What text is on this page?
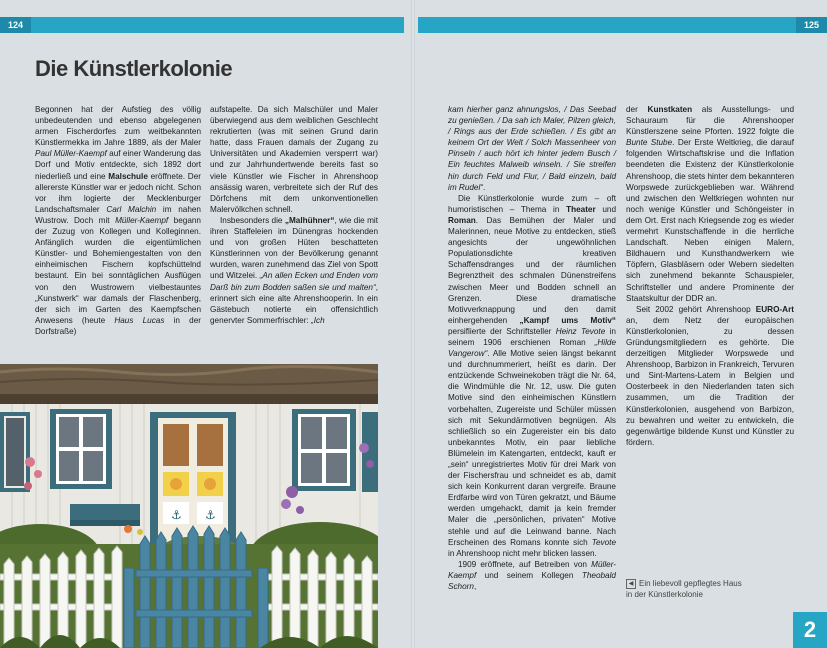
124	125
Die Künstlerkolonie

Begonnen hat der Aufstieg des völlig unbedeutenden und ebenso abgelegenen armen Fischerdorfes zum weitbekannten Künstlermekka im Jahre 1889, als der Maler Paul Müller-Kaempf auf einer Wanderung das Dorf und Motiv entdeckte, sich 1892 dort niederließ und eine Malschule eröffnete. Der allererste Künstler war er jedoch nicht. Schon vor ihm logierte der Mecklenburger Landschaftsmaler Carl Malchin im nahen Wustrow. Doch mit Müller-Kaempf begann der Zuzug von Kollegen und Kolleginnen. Anfänglich wurden die eigentümlichen Künstler- und Bohemiengestalten von den einheimischen Fischern kopfschüttelnd bestaunt. Ein bei sonntäglichen Ausflügen von den Wustrowern vielbestauntes „Kunstwerk“ war damals der Flaschenberg, der sich im Garten des Kaempfschen Anwesens (heute Haus Lucas in der Dorfstraße)

aufstapelte. Da sich Malschüler und Maler überwiegend aus dem weiblichen Geschlecht rekrutierten (was mit seinen Grund darin hatte, dass Frauen damals der Zugang zu Universitäten und Akademien versperrt war) und zur Jahrhundertwende bereits fast so viele Künstler wie Fischer in Ahrenshoop ansässig waren, verbreitete sich der Ruf des Dörfchens mit dem unkonventionellen Malervölkchen schnell.

Insbesonders die „Malhühner“, wie die mit ihren Staffeleien im Dünengras hockenden und von großen Hüten beschatteten Künstlerinnen von der Bevölkerung genannt wurden, waren zunehmend das Ziel von Spott und Witzelei. „An allen Ecken und Enden vom Darß bin zum Bodden saßen sie und malten“, erinnert sich eine alte Ahrenshooperin. In ein Gästebuch notierte ein offensichtlich genervter Sommerfrischler: „Ich

kam hierher ganz ahnungslos, / Das Seebad zu genießen. / Da sah ich Maler, Pilzen gleich, / Rings aus der Erde schießen. / Es gibt an keinem Ort der Welt / Solch Massenheer von Pinseln / auch hört ich hinter jedem Busch / Ein feuchtes Malweib winseln. / Sie streifen hin durch Feld und Flur, / Bald einzeln, bald im Rudel“.

Die Künstlerkolonie wurde zum – oft humoristischen – Thema in Theater und Roman. Das Bemühen der Maler und Malerinnen, neue Motive zu entdecken, stieß angesichts der ungewöhnlichen Populationsdichte kreativen Schaffensdranges und der räumlichen Begrenztheit des schmalen Dünenstreifens zwischen Meer und Bodden schnell an Grenzen. Diese dramatische Motivverknappung und den damit einhergehenden „Kampf ums Motiv“ persiflierte der Schriftsteller Heinz Tevote in seinem 1906 erschienen Roman „Hilde Vangerow“. Alle Motive seien längst bekannt und durchnummeriert, heißt es darin. Der entzückende Schweinekoben trägt die Nr. 64, die Windmühle die Nr. 12, usw. Die guten Motive sind den einheimischen Künstlern vorbehalten, Zugereiste und Schüler müssen sich mit Sekundärmotiven begnügen. Als schließlich so ein Zugereister ein bis dato unbekanntes Motiv, ein paar liebliche Blümelein im Katengarten, entdeckt, kauft er „sein“ unregistriertes Motiv für drei Mark von der Fischersfrau und schneidet es ab, damit sich kein Konkurrent daran vergreife. Braune Erdfarbe wird von Türen gekratzt, und Bäume werden umgehackt, damit ja kein fremder Maler die „persönlichen, privaten“ Motive stehle und auf die Leinwand banne. Nach Erscheinen des Romans konnte sich Tevote in Ahrenshoop nicht mehr blicken lassen.

1909 eröffnete, auf Betreiben von Müller-Kaempf und seinem Kollegen Theobald Schorn,

der Kunstkaten als Ausstellungs- und Schauraum für die Ahrenshooper Künstlerszene seine Pforten. 1922 folgte die Bunte Stube. Der Erste Weltkrieg, die darauf folgenden Wirtschaftskrise und die Inflation beendeten die Existenz der Künstlerkolonie Ahrenshoop, die stets hinter dem bekannteren Worpswede zurückgeblieben war. Während und zwischen den Weltkriegen wohnten nur noch wenige Künstler und Schöngeister in dem Ort. Erst nach Kriegsende zog es wieder vermehrt Kunstschaffende in die herrliche Landschaft. Neben einigen Malern, Bildhauern und Kunsthandwerkern wie Töpfern, Glasbläsern oder Webern siedelten sich zunehmend bekannte Schauspieler, Schriftsteller und andere Prominente der Staatskultur der DDR an.

Seit 2002 gehört Ahrenshoop EURO-Art an, dem Netz der europäischen Künstlerkolonien, zu dessen Gründungsmitgliedern es gehörte. Die derzeitigen Mitglieder Worpswede und Ahrenshoop, Barbizon in Frankreich, Tervuren und Sint-Martens-Latem in Belgien und Oosterbeek in den Niederlanden taten sich zusammen, um die Tradition der Künstlerkolonien, ausgehend von Barbizon, zu bewahren und weiter zu entwickeln, die gegenwärtige bildende Kunst und Künstler zu fördern.

⚓ ⚓
◀ Ein liebevoll gepflegtes Haus
in der Künstlerkolonie
2
